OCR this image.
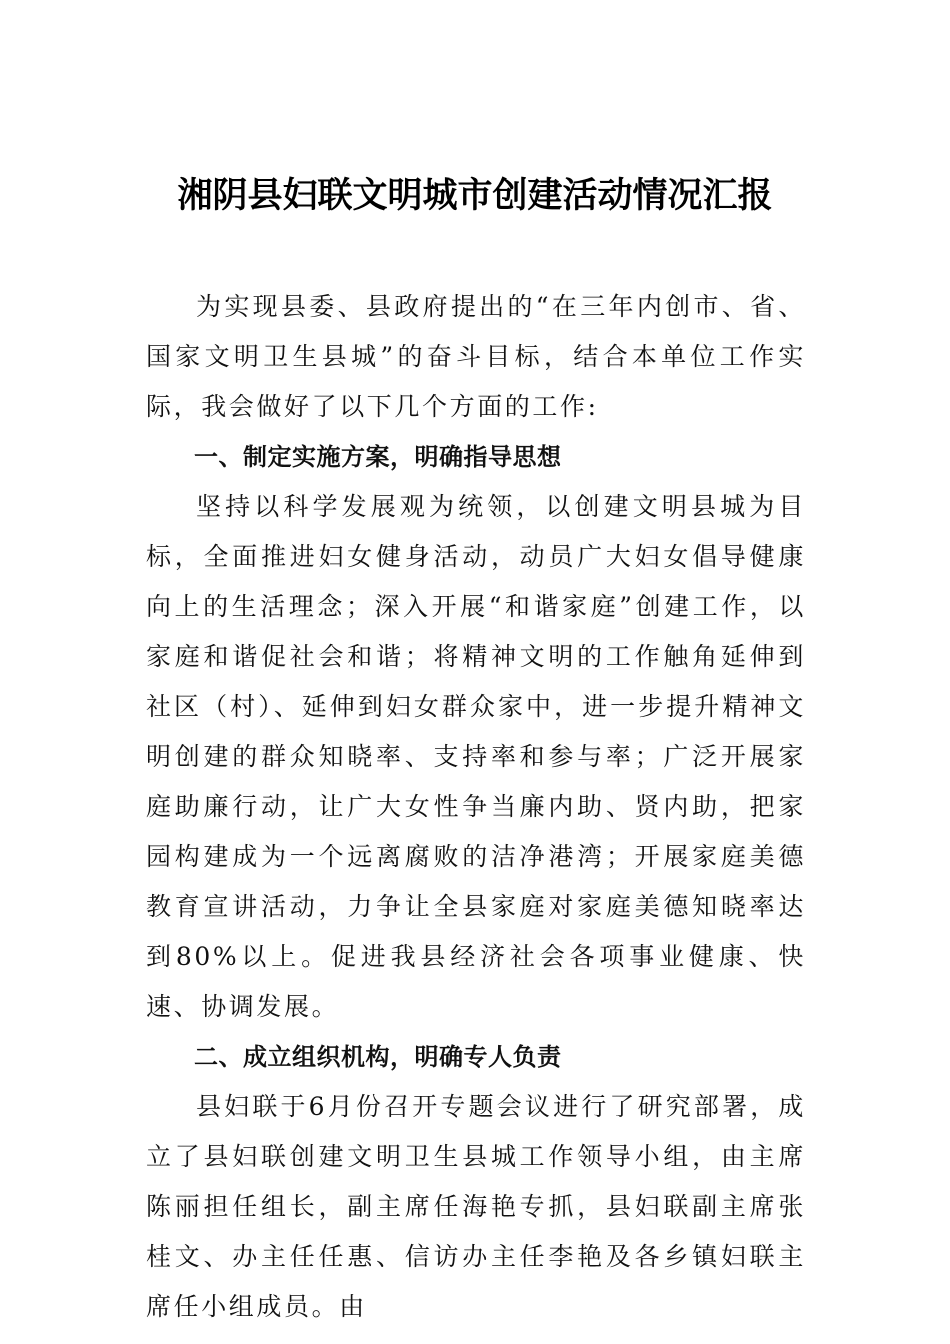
湘阴县妇联文明城市创建活动情况汇报

为实现县委、县政府提出的“在三年内创市、省、国家文明卫生县城”的奋斗目标，结合本单位工作实际，我会做好了以下几个方面的工作:

一、制定实施方案，明确指导思想

坚持以科学发展观为统领，以创建文明县城为目标，全面推进妇女健身活动，动员广大妇女倡导健康向上的生活理念；深入开展“和谐家庭”创建工作，以家庭和谐促社会和谐；将精神文明的工作触角延伸到社区（村）、延伸到妇女群众家中，进一步提升精神文明创建的群众知晓率、支持率和参与率；广泛开展家庭助廉行动，让广大女性争当廉内助、贤内助，把家园构建成为一个远离腐败的洁净港湾；开展家庭美德教育宣讲活动，力争让全县家庭对家庭美德知晓率达到80%以上。促进我县经济社会各项事业健康、快速、协调发展。

二、成立组织机构，明确专人负责

县妇联于6月份召开专题会议进行了研究部署，成立了县妇联创建文明卫生县城工作领导小组，由主席陈丽担任组长，副主席任海艳专抓，县妇联副主席张桂文、办主任任惠、信访办主任李艳及各乡镇妇联主席任小组成员。由
